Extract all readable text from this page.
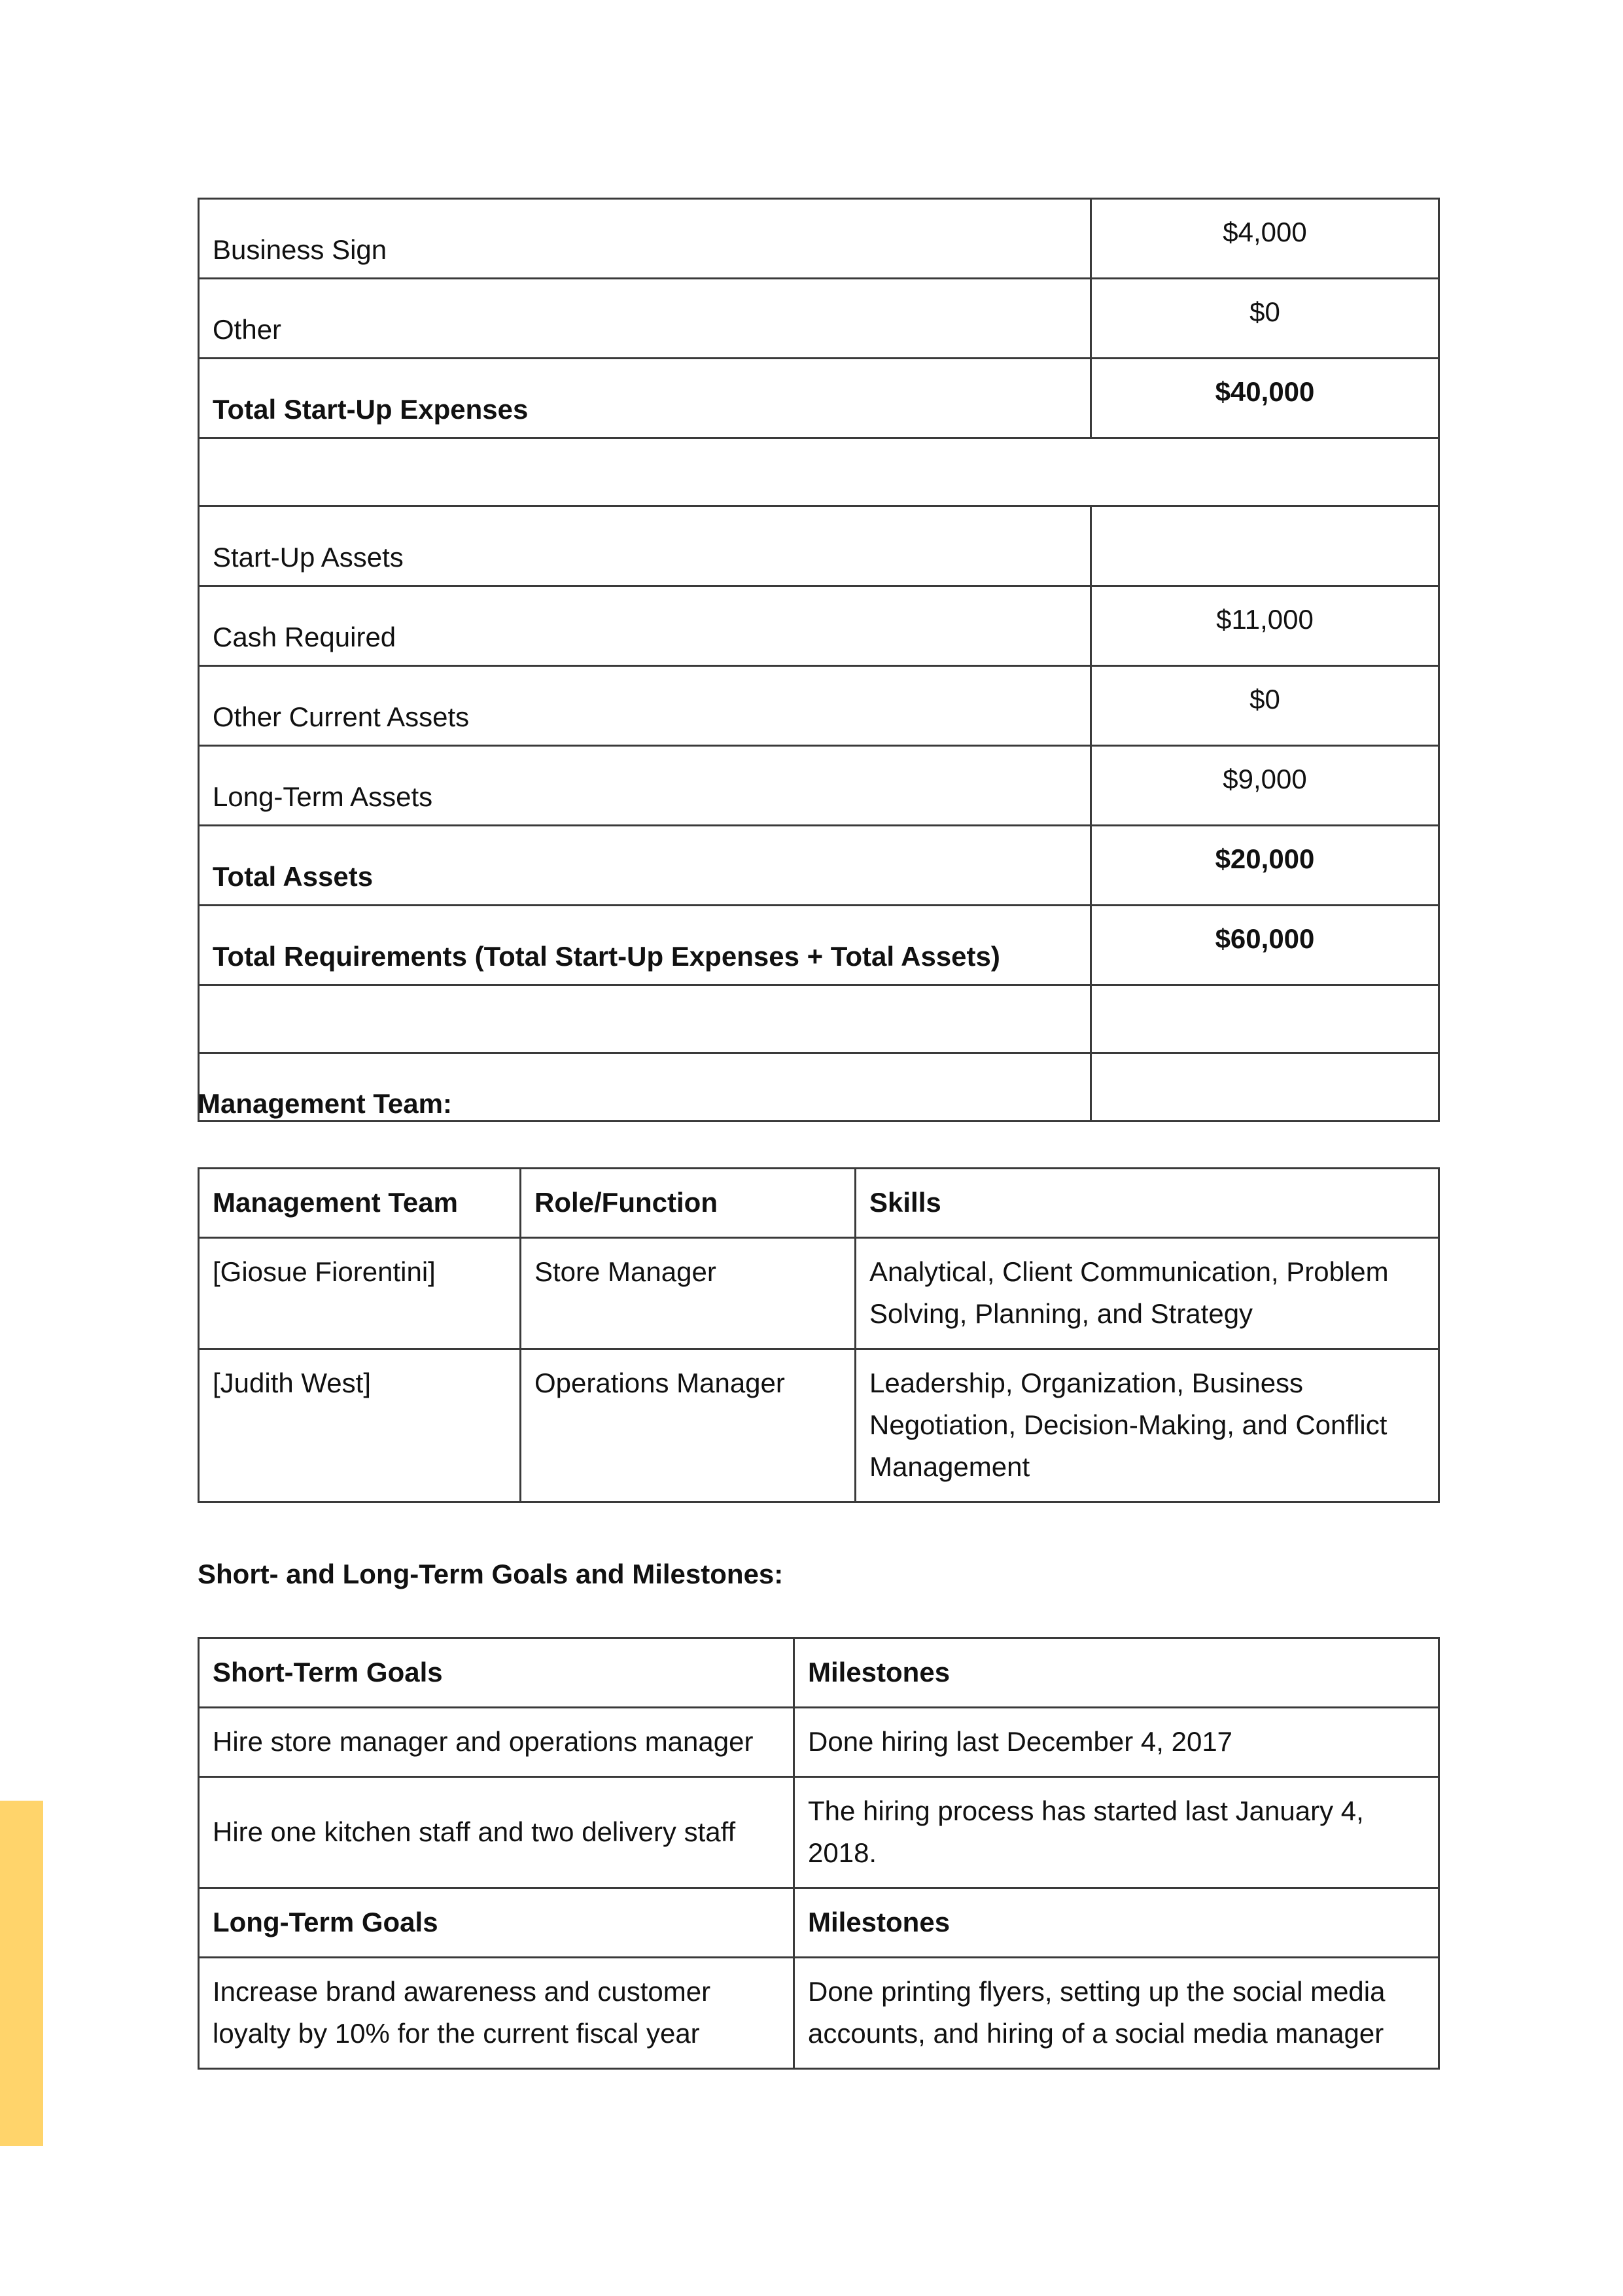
Business Sign	$4,000
Other	$0
Total Start-Up Expenses	$40,000

Start-Up Assets	
Cash Required	$11,000
Other Current Assets	$0
Long-Term Assets	$9,000
Total Assets	$20,000
Total Requirements (Total Start-Up Expenses + Total Assets)	$60,000

Management Team:
Management Team	Role/Function	Skills
[Giosue Fiorentini]	Store Manager	Analytical, Client Communication, Problem Solving, Planning, and Strategy
[Judith West]	Operations Manager	Leadership, Organization, Business Negotiation, Decision-Making, and Conflict Management
Short- and Long-Term Goals and Milestones:
Short-Term Goals	Milestones
Hire store manager and operations manager	Done hiring last December 4, 2017
Hire one kitchen staff and two delivery staff	The hiring process has started last January 4, 2018.
Long-Term Goals	Milestones
Increase brand awareness and customer loyalty by 10% for the current fiscal year	Done printing flyers, setting up the social media accounts, and hiring of a social media manager
